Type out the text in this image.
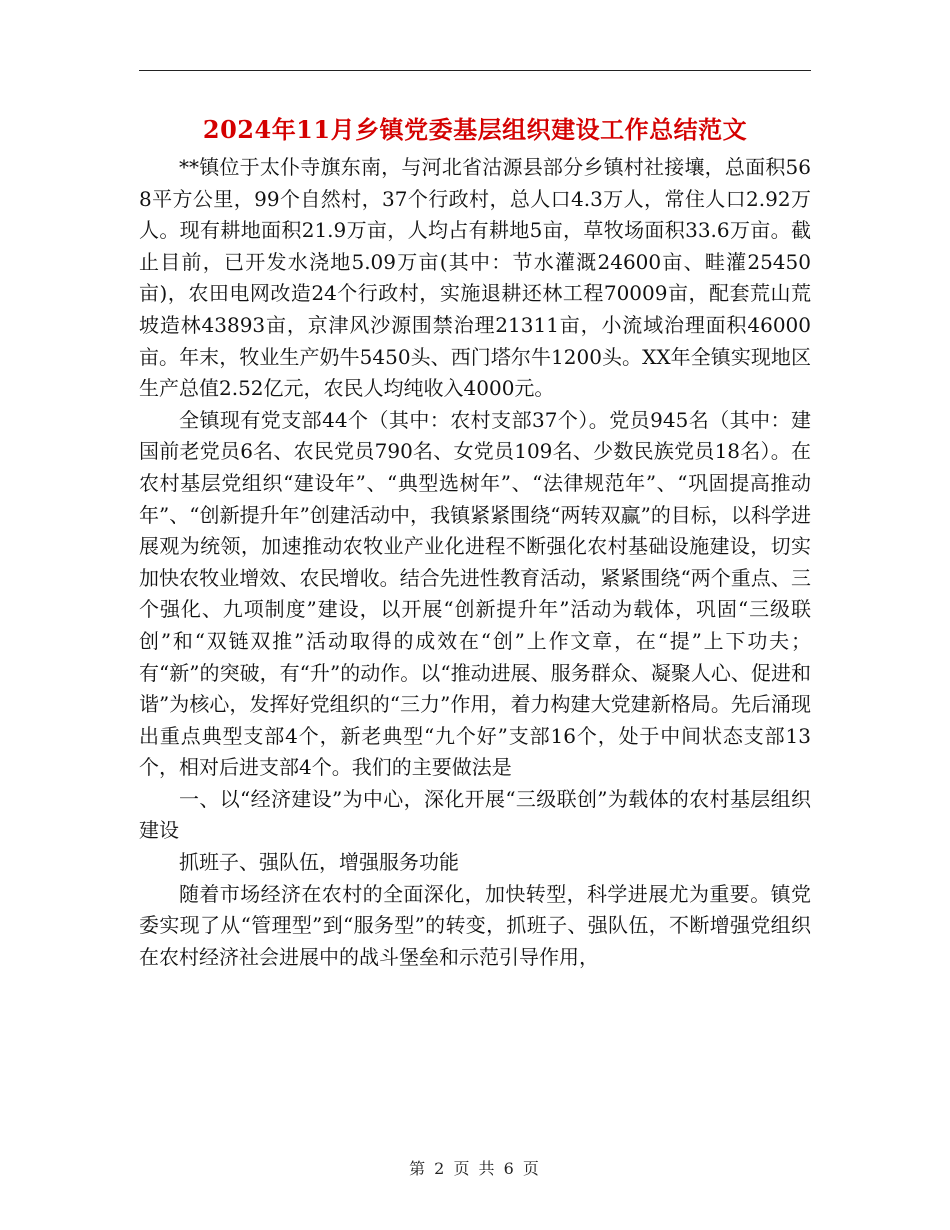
2024年11月乡镇党委基层组织建设工作总结范文

**镇位于太仆寺旗东南，与河北省沽源县部分乡镇村社接壤，总面积568平方公里，99个自然村，37个行政村，总人口4.3万人，常住人口2.92万人。现有耕地面积21.9万亩，人均占有耕地5亩，草牧场面积33.6万亩。截止目前，已开发水浇地5.09万亩(其中：节水灌溉24600亩、畦灌25450亩)，农田电网改造24个行政村，实施退耕还林工程70009亩，配套荒山荒坡造林43893亩，京津风沙源围禁治理21311亩，小流域治理面积46000亩。年末，牧业生产奶牛5450头、西门塔尔牛1200头。XX年全镇实现地区生产总值2.52亿元，农民人均纯收入4000元。

全镇现有党支部44个（其中：农村支部37个）。党员945名（其中：建国前老党员6名、农民党员790名、女党员109名、少数民族党员18名）。在农村基层党组织“建设年”、“典型选树年”、“法律规范年”、“巩固提高推动年”、“创新提升年”创建活动中，我镇紧紧围绕“两转双赢”的目标，以科学进展观为统领，加速推动农牧业产业化进程不断强化农村基础设施建设，切实加快农牧业增效、农民增收。结合先进性教育活动，紧紧围绕“两个重点、三个强化、九项制度”建设，以开展“创新提升年”活动为载体，巩固“三级联创”和“双链双推”活动取得的成效在“创”上作文章，在“提”上下功夫；有“新”的突破，有“升”的动作。以“推动进展、服务群众、凝聚人心、促进和谐”为核心，发挥好党组织的“三力”作用，着力构建大党建新格局。先后涌现出重点典型支部4个，新老典型“九个好”支部16个，处于中间状态支部13个，相对后进支部4个。我们的主要做法是

一、以“经济建设”为中心，深化开展“三级联创”为载体的农村基层组织建设

抓班子、强队伍，增强服务功能

随着市场经济在农村的全面深化，加快转型，科学进展尤为重要。镇党委实现了从“管理型”到“服务型”的转变，抓班子、强队伍，不断增强党组织在农村经济社会进展中的战斗堡垒和示范引导作用，

第 2 页 共 6 页
